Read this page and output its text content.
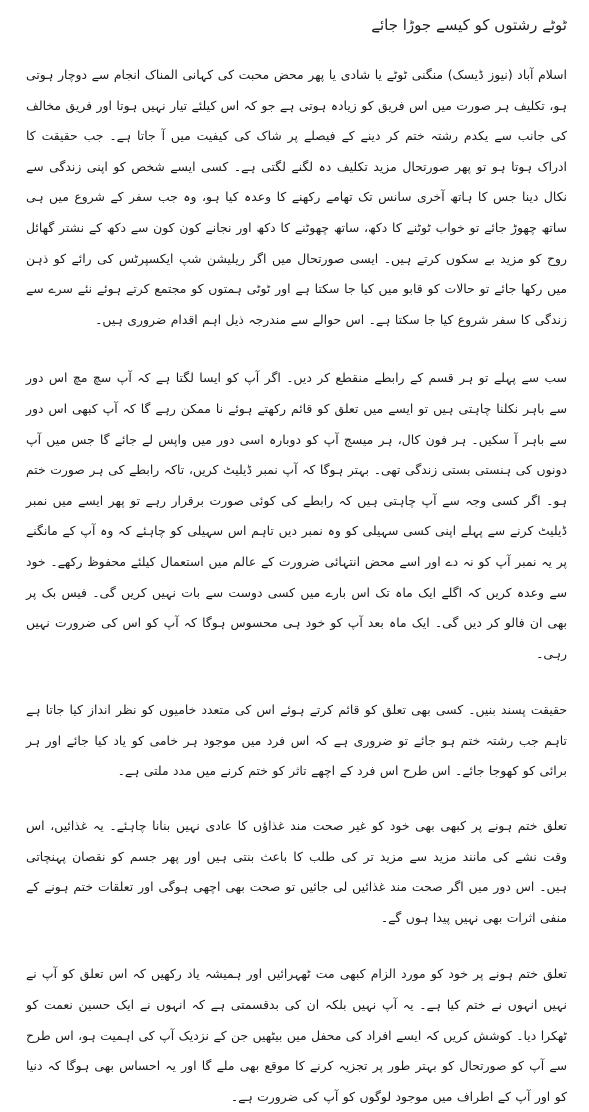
ٹوٹے رشتوں کو کیسے جوڑا جائے

اسلام آباد (نیوز ڈیسک) منگنی ٹوٹے یا شادی یا پھر محض محبت کی کہانی المناک انجام سے دوچار ہوتی ہو، تکلیف ہر صورت میں اس فریق کو زیادہ ہوتی ہے جو کہ اس کیلئے تیار نہیں ہوتا اور فریق مخالف کی جانب سے یکدم رشتہ ختم کر دینے کے فیصلے پر شاک کی کیفیت میں آ جاتا ہے۔ جب حقیقت کا ادراک ہوتا ہو تو پھر صورتحال مزید تکلیف دہ لگنے لگتی ہے۔ کسی ایسے شخص کو اپنی زندگی سے نکال دینا جس کا ہاتھ آخری سانس تک تھامے رکھنے کا وعدہ کیا ہو، وہ جب سفر کے شروع میں ہی ساتھ چھوڑ جائے تو خواب ٹوٹنے کا دکھ، ساتھ چھوٹنے کا دکھ اور نجانے کون کون سے دکھ کے نشتر گھائل روح کو مزید بے سکوں کرتے ہیں۔ ایسی صورتحال میں اگر ریلیشن شپ ایکسپرٹس کی رائے کو ذہن میں رکھا جائے تو حالات کو قابو میں کیا جا سکتا ہے اور ٹوٹی ہمتوں کو مجتمع کرتے ہوئے نئے سرے سے زندگی کا سفر شروع کیا جا سکتا ہے۔ اس حوالے سے مندرجہ ذیل اہم اقدام ضروری ہیں۔

سب سے پہلے تو ہر قسم کے رابطے منقطع کر دیں۔ اگر آپ کو ایسا لگتا ہے کہ آپ سچ مچ اس دور سے باہر نکلنا چاہتی ہیں تو ایسے میں تعلق کو قائم رکھتے ہوئے نا ممکن رہے گا کہ آپ کبھی اس دور سے باہر آ سکیں۔ ہر فون کال، ہر میسج آپ کو دوبارہ اسی دور میں واپس لے جائے گا جس میں آپ دونوں کی ہنستی بستی زندگی تھی۔ بہتر ہوگا کہ آپ نمبر ڈیلیٹ کریں، تاکہ رابطے کی ہر صورت ختم ہو۔ اگر کسی وجہ سے آپ چاہتی ہیں کہ رابطے کی کوئی صورت برقرار رہے تو پھر ایسے میں نمبر ڈیلیٹ کرنے سے پہلے اپنی کسی سہیلی کو وہ نمبر دیں تاہم اس سہیلی کو چاہئے کہ وہ آپ کے مانگنے پر یہ نمبر آپ کو نہ دے اور اسے محض انتہائی ضرورت کے عالم میں استعمال کیلئے محفوظ رکھے۔ خود سے وعدہ کریں کہ اگلے ایک ماہ تک اس بارے میں کسی دوست سے بات نہیں کریں گی۔ فیس بک پر بھی ان فالو کر دیں گی۔ ایک ماہ بعد آپ کو خود ہی محسوس ہوگا کہ آپ کو اس کی ضرورت نہیں رہی۔

حقیقت پسند بنیں۔ کسی بھی تعلق کو قائم کرتے ہوئے اس کی متعدد خامیوں کو نظر انداز کیا جاتا ہے تاہم جب رشتہ ختم ہو جائے تو ضروری ہے کہ اس فرد میں موجود ہر خامی کو یاد کیا جائے اور ہر برائی کو کھوجا جائے۔ اس طرح اس فرد کے اچھے تاثر کو ختم کرنے میں مدد ملتی ہے۔

تعلق ختم ہونے پر کبھی بھی خود کو غیر صحت مند غذاؤں کا عادی نہیں بنانا چاہئے۔ یہ غذائیں، اس وقت نشے کی مانند مزید سے مزید تر کی طلب کا باعث بنتی ہیں اور پھر جسم کو نقصان پہنچاتی ہیں۔ اس دور میں اگر صحت مند غذائیں لی جائیں تو صحت بھی اچھی ہوگی اور تعلقات ختم ہونے کے منفی اثرات بھی نہیں پیدا ہوں گے۔

تعلق ختم ہونے پر خود کو مورد الزام کبھی مت ٹھہرائیں اور ہمیشہ یاد رکھیں کہ اس تعلق کو آپ نے نہیں انہوں نے ختم کیا ہے۔ یہ آپ نہیں بلکہ ان کی بدقسمتی ہے کہ انہوں نے ایک حسین نعمت کو ٹھکرا دیا۔ کوشش کریں کہ ایسے افراد کی محفل میں بیٹھیں جن کے نزدیک آپ کی اہمیت ہو، اس طرح سے آپ کو صورتحال کو بہتر طور پر تجزیہ کرنے کا موقع بھی ملے گا اور یہ احساس بھی ہوگا کہ دنیا کو اور آپ کے اطراف میں موجود لوگوں کو آپ کی ضرورت ہے۔
